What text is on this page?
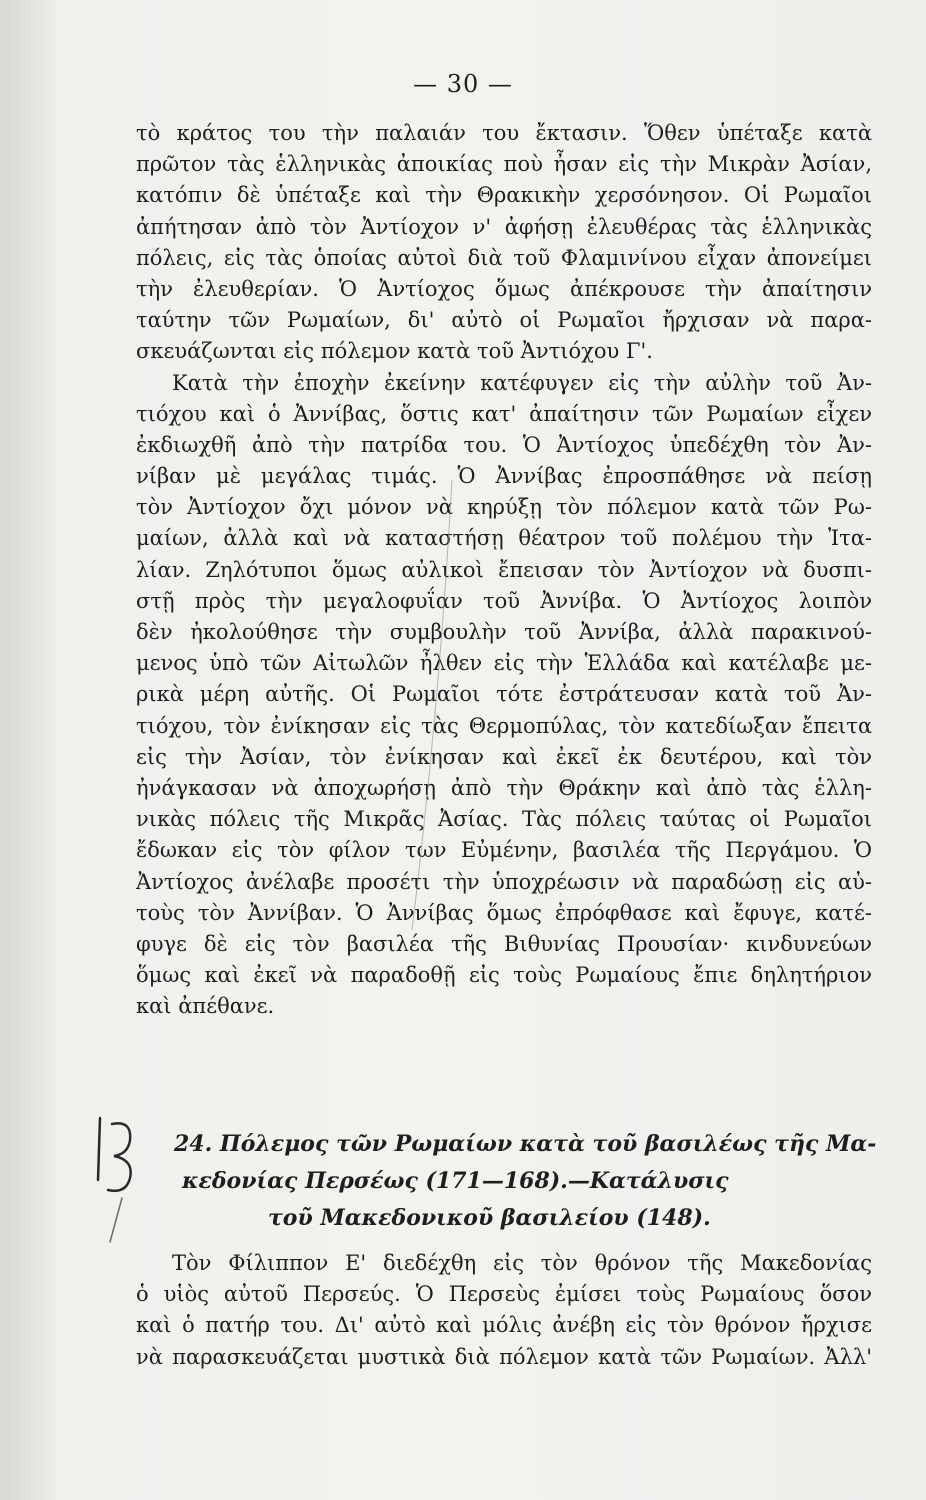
— 30 —
τὸ κράτος του τὴν παλαιάν του ἔκτασιν. Ὅθεν ὑπέταξε κατὰ
πρῶτον τὰς ἑλληνικὰς ἀποικίας ποὺ ἦσαν εἰς τὴν Μικρὰν Ἀσίαν,
κατόπιν δὲ ὑπέταξε καὶ τὴν Θρακικὴν χερσόνησον. Οἱ Ρωμαῖοι
ἀπήτησαν ἀπὸ τὸν Ἀντίοχον ν' ἀφήσῃ ἐλευθέρας τὰς ἑλληνικὰς
πόλεις, εἰς τὰς ὁποίας αὐτοὶ διὰ τοῦ Φλαμινίνου εἶχαν ἀπονείμει
τὴν ἐλευθερίαν. Ὁ Ἀντίοχος ὅμως ἀπέκρουσε τὴν ἀπαίτησιν
ταύτην τῶν Ρωμαίων, δι' αὐτὸ οἱ Ρωμαῖοι ἤρχισαν νὰ παρα-
σκευάζωνται εἰς πόλεμον κατὰ τοῦ Ἀντιόχου Γ'.
Κατὰ τὴν ἐποχὴν ἐκείνην κατέφυγεν εἰς τὴν αὐλὴν τοῦ Ἀν-
τιόχου καὶ ὁ Ἀννίβας, ὅστις κατ' ἀπαίτησιν τῶν Ρωμαίων εἶχεν
ἐκδιωχθῆ ἀπὸ τὴν πατρίδα του. Ὁ Ἀντίοχος ὑπεδέχθη τὸν Ἀν-
νίβαν μὲ μεγάλας τιμάς. Ὁ Ἀννίβας ἐπροσπάθησε νὰ πείσῃ
τὸν Ἀντίοχον ὄχι μόνον νὰ κηρύξῃ τὸν πόλεμον κατὰ τῶν Ρω-
μαίων, ἀλλὰ καὶ νὰ καταστήσῃ θέατρον τοῦ πολέμου τὴν Ἰτα-
λίαν. Ζηλότυποι ὅμως αὐλικοὶ ἔπεισαν τὸν Ἀντίοχον νὰ δυσπι-
στῇ πρὸς τὴν μεγαλοφυΐαν τοῦ Ἀννίβα. Ὁ Ἀντίοχος λοιπὸν
δὲν ἠκολούθησε τὴν συμβουλὴν τοῦ Ἀννίβα, ἀλλὰ παρακινού-
μενος ὑπὸ τῶν Αἰτωλῶν ἦλθεν εἰς τὴν Ἑλλάδα καὶ κατέλαβε με-
ρικὰ μέρη αὐτῆς. Οἱ Ρωμαῖοι τότε ἐστράτευσαν κατὰ τοῦ Ἀν-
τιόχου, τὸν ἐνίκησαν εἰς τὰς Θερμοπύλας, τὸν κατεδίωξαν ἔπειτα
εἰς τὴν Ἀσίαν, τὸν ἐνίκησαν καὶ ἐκεῖ ἐκ δευτέρου, καὶ τὸν
ἠνάγκασαν νὰ ἀποχωρήσῃ ἀπὸ τὴν Θράκην καὶ ἀπὸ τὰς ἑλλη-
νικὰς πόλεις τῆς Μικρᾶς Ἀσίας. Τὰς πόλεις ταύτας οἱ Ρωμαῖοι
ἔδωκαν εἰς τὸν φίλον των Εὐμένην, βασιλέα τῆς Περγάμου. Ὁ
Ἀντίοχος ἀνέλαβε προσέτι τὴν ὑποχρέωσιν νὰ παραδώσῃ εἰς αὐ-
τοὺς τὸν Ἀννίβαν. Ὁ Ἀννίβας ὅμως ἐπρόφθασε καὶ ἔφυγε, κατέ-
φυγε δὲ εἰς τὸν βασιλέα τῆς Βιθυνίας Προυσίαν· κινδυνεύων
ὅμως καὶ ἐκεῖ νὰ παραδοθῇ εἰς τοὺς Ρωμαίους ἔπιε δηλητήριον
καὶ ἀπέθανε.
24. Πόλεμος τῶν Ρωμαίων κατὰ τοῦ βασιλέως τῆς Μα-
κεδονίας Περσέως (171—168).—Κατάλυσις
τοῦ Μακεδονικοῦ βασιλείου (148).
Τὸν Φίλιππον Ε' διεδέχθη εἰς τὸν θρόνον τῆς Μακεδονίας
ὁ υἱὸς αὐτοῦ Περσεύς. Ὁ Περσεὺς ἐμίσει τοὺς Ρωμαίους ὅσον
καὶ ὁ πατήρ του. Δι' αὐτὸ καὶ μόλις ἀνέβη εἰς τὸν θρόνον ἤρχισε
νὰ παρασκευάζεται μυστικὰ διὰ πόλεμον κατὰ τῶν Ρωμαίων. Ἀλλ'
